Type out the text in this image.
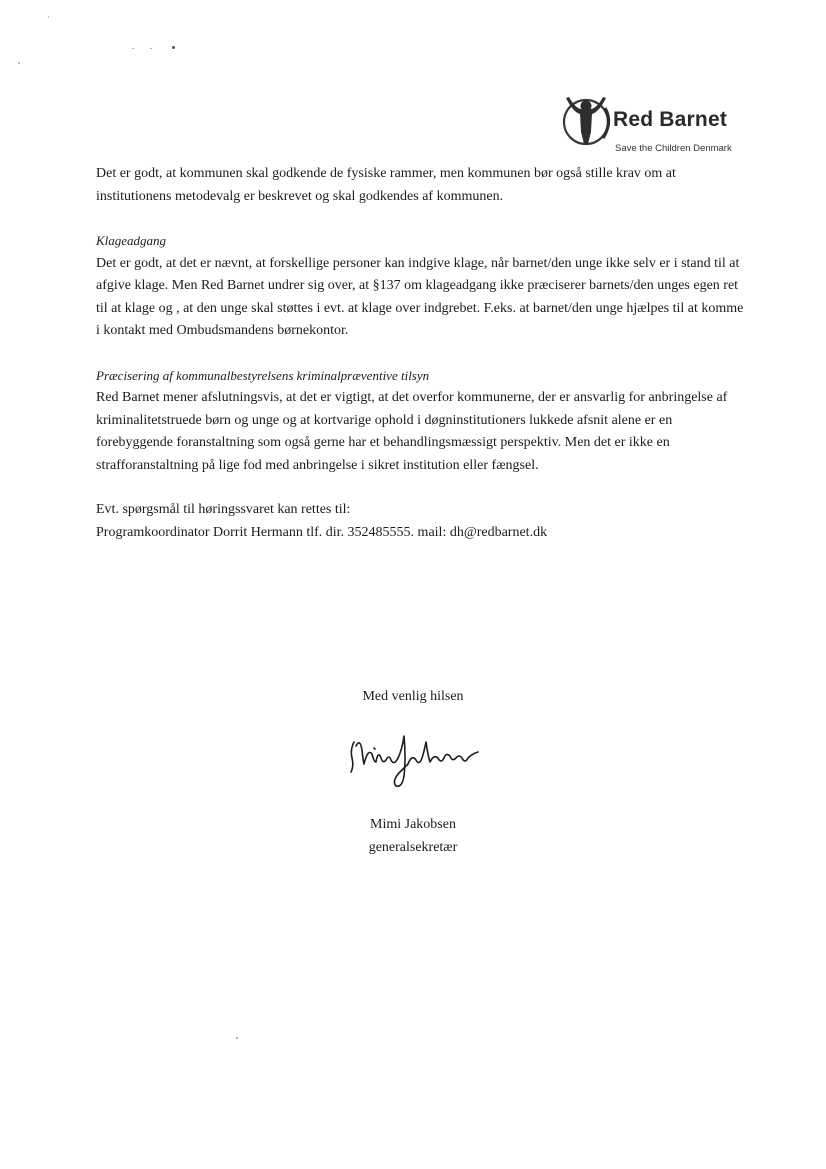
Red Barnet
Save the Children Denmark

Det er godt, at kommunen skal godkende de fysiske rammer, men kommunen bør også stille krav om at institutionens metodevalg er beskrevet og skal godkendes af kommunen.

Klageadgang

Det er godt, at det er nævnt, at forskellige personer kan indgive klage, når barnet/den unge ikke selv er i stand til at afgive klage. Men Red Barnet undrer sig over, at §137 om klageadgang ikke præciserer barnets/den unges egen ret til at klage og , at den unge skal støttes i evt. at klage over indgrebet. F.eks. at barnet/den unge hjælpes til at komme i kontakt med Ombudsmandens børnekontor.

Præcisering af kommunalbestyrelsens kriminalpræventive tilsyn

Red Barnet mener afslutningsvis, at det er vigtigt, at det overfor kommunerne, der er ansvarlig for anbringelse af kriminalitetstruede børn og unge og at kortvarige ophold i døgninstitutioners lukkede afsnit alene er en forebyggende foranstaltning som også gerne har et behandlingsmæssigt perspektiv. Men det er ikke en strafforanstaltning på lige fod med anbringelse i sikret institution eller fængsel.

Evt. spørgsmål til høringssvaret kan rettes til:

Programkoordinator Dorrit Hermann tlf. dir. 352485555. mail: dh@redbarnet.dk

Med venlig hilsen
Mimi Jakobsen
generalsekretær
